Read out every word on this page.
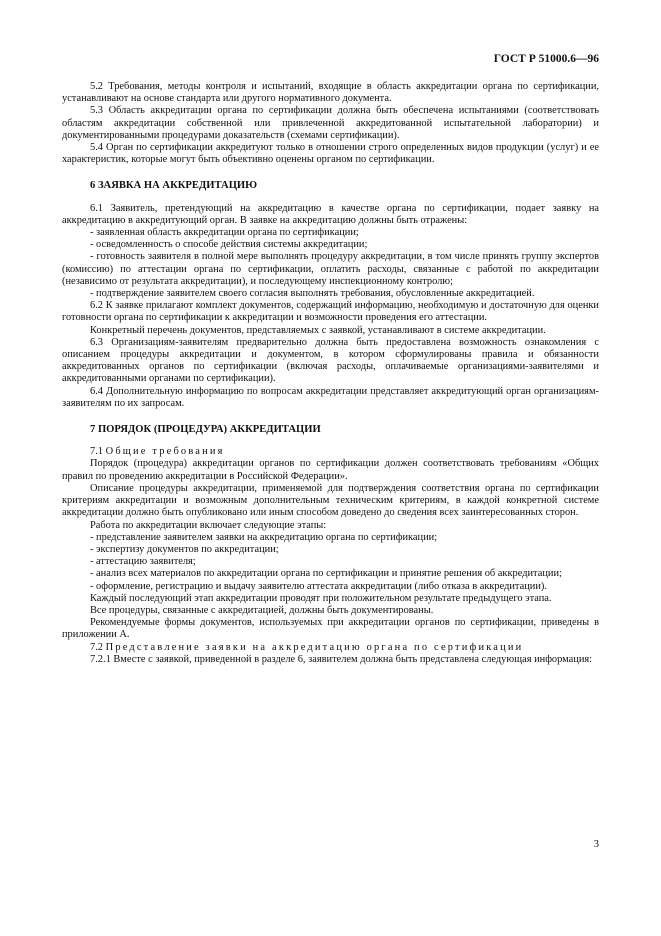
ГОСТ Р 51000.6—96

5.2 Требования, методы контроля и испытаний, входящие в область аккредитации органа по сертификации, устанавливают на основе стандарта или другого нормативного документа.

5.3 Область аккредитации органа по сертификации должна быть обеспечена испытаниями (соответствовать областям аккредитации собственной или привлеченной аккредитованной испытательной лаборатории) и документированными процедурами доказательств (схемами сертификации).

5.4 Орган по сертификации аккредитуют только в отношении строго определенных видов продукции (услуг) и ее характеристик, которые могут быть объективно оценены органом по сертификации.

6 ЗАЯВКА НА АККРЕДИТАЦИЮ

6.1 Заявитель, претендующий на аккредитацию в качестве органа по сертификации, подает заявку на аккредитацию в аккредитующий орган. В заявке на аккредитацию должны быть отражены:

- заявленная область аккредитации органа по сертификации;

- осведомленность о способе действия системы аккредитации;

- готовность заявителя в полной мере выполнять процедуру аккредитации, в том числе принять группу экспертов (комиссию) по аттестации органа по сертификации, оплатить расходы, связанные с работой по аккредитации (независимо от результата аккредитации), и последующему инспекционному контролю;

- подтверждение заявителем своего согласия выполнять требования, обусловленные аккредитацией.

6.2 К заявке прилагают комплект документов, содержащий информацию, необходимую и достаточную для оценки готовности органа по сертификации к аккредитации и возможности проведения его аттестации.

Конкретный перечень документов, представляемых с заявкой, устанавливают в системе аккредитации.

6.3 Организациям-заявителям предварительно должна быть предоставлена возможность ознакомления с описанием процедуры аккредитации и документом, в котором сформулированы правила и обязанности аккредитованных органов по сертификации (включая расходы, оплачиваемые организациями-заявителями и аккредитованными органами по сертификации).

6.4 Дополнительную информацию по вопросам аккредитации представляет аккредитующий орган организациям-заявителям по их запросам.

7 ПОРЯДОК (ПРОЦЕДУРА) АККРЕДИТАЦИИ

7.1 Общие требования

Порядок (процедура) аккредитации органов по сертификации должен соответствовать требованиям «Общих правил по проведению аккредитации в Российской Федерации».

Описание процедуры аккредитации, применяемой для подтверждения соответствия органа по сертификации критериям аккредитации и возможным дополнительным техническим критериям, в каждой конкретной системе аккредитации должно быть опубликовано или иным способом доведено до сведения всех заинтересованных сторон.

Работа по аккредитации включает следующие этапы:

- представление заявителем заявки на аккредитацию органа по сертификации;

- экспертизу документов по аккредитации;

- аттестацию заявителя;

- анализ всех материалов по аккредитации органа по сертификации и принятие решения об аккредитации;

- оформление, регистрацию и выдачу заявителю аттестата аккредитации (либо отказа в аккредитации).

Каждый последующий этап аккредитации проводят при положительном результате предыдущего этапа.

Все процедуры, связанные с аккредитацией, должны быть документированы.

Рекомендуемые формы документов, используемых при аккредитации органов по сертификации, приведены в приложении А.

7.2 Представление заявки на аккредитацию органа по сертификации

7.2.1 Вместе с заявкой, приведенной в разделе 6, заявителем должна быть представлена следующая информация:

3
